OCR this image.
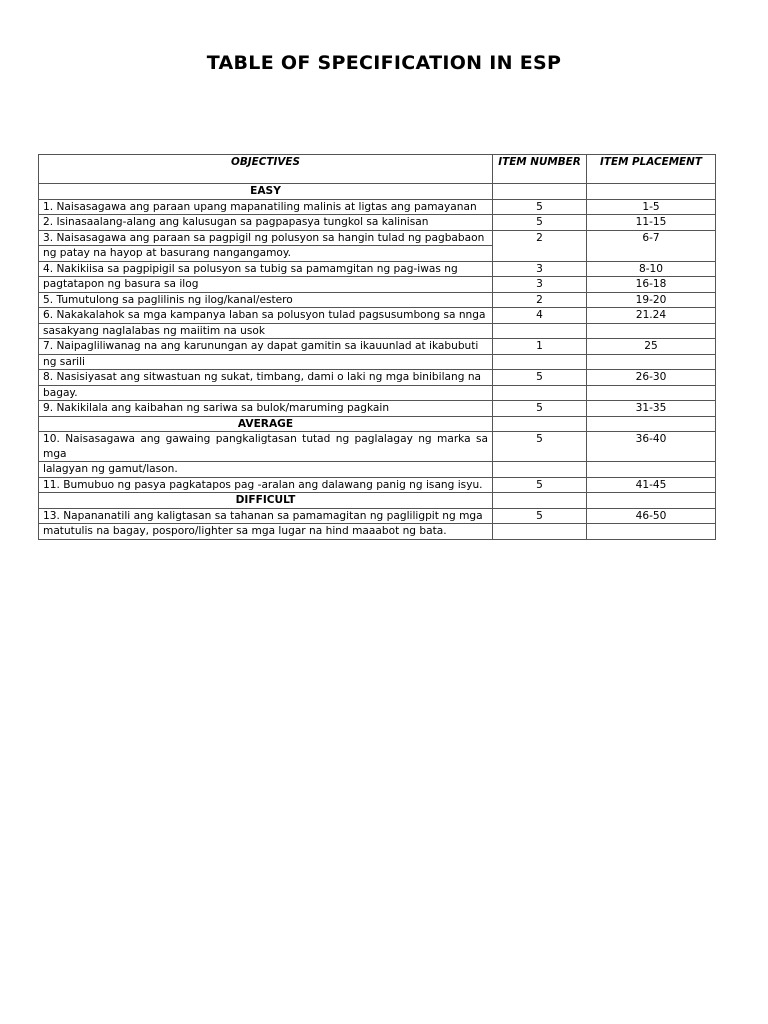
TABLE OF SPECIFICATION IN ESP
OBJECTIVES	ITEM NUMBER	ITEM PLACEMENT
EASY		
1. Naisasagawa ang paraan upang mapanatiling malinis at ligtas ang pamayanan	5	1-5
2. Isinasaalang-alang ang kalusugan sa pagpapasya tungkol sa kalinisan	5	11-15
3. Naisasagawa ang paraan sa pagpigil ng polusyon sa hangin tulad ng pagbabaon	2	6-7
ng patay na hayop at basurang nangangamoy.		
4. Nakikiisa sa pagpipigil sa polusyon sa tubig sa pamamgitan ng pag-iwas ng	3	8-10
pagtatapon ng basura sa ilog	3	16-18
5. Tumutulong sa paglilinis ng ilog/kanal/estero	2	19-20
6. Nakakalahok sa mga kampanya laban sa polusyon tulad pagsusumbong sa nnga	4	21.24
sasakyang naglalabas ng maiitim na usok		
7. Naipagliliwanag na ang karunungan ay dapat gamitin sa ikauunlad at ikabubuti	1	25
ng sarili		
8. Nasisiyasat ang sitwastuan ng sukat, timbang, dami o laki ng mga binibilang na	5	26-30
bagay.		
9. Nakikilala ang kaibahan ng sariwa sa bulok/maruming pagkain	5	31-35
AVERAGE		
10. Naisasagawa ang gawaing pangkaligtasan tutad ng paglalagay ng marka sa mga	5	36-40
lalagyan ng gamut/lason.		
11. Bumubuo ng pasya pagkatapos pag -aralan ang dalawang panig ng isang isyu.	5	41-45
DIFFICULT		
13. Napananatili ang kaligtasan sa tahanan sa pamamagitan ng pagliligpit ng mga	5	46-50
matutulis na bagay, posporo/lighter sa mga lugar na hind maaabot ng bata.		
